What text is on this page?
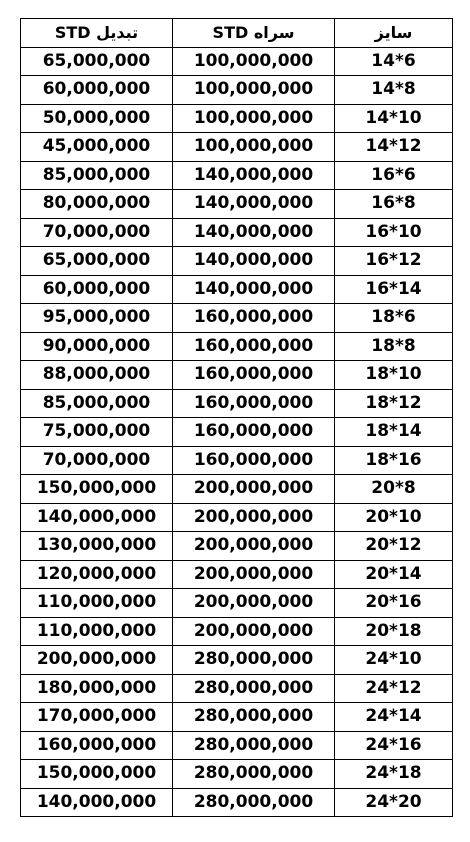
تبدیل STD	سراه STD	سایز
65,000,000	100,000,000	14*6
60,000,000	100,000,000	14*8
50,000,000	100,000,000	14*10
45,000,000	100,000,000	14*12
85,000,000	140,000,000	16*6
80,000,000	140,000,000	16*8
70,000,000	140,000,000	16*10
65,000,000	140,000,000	16*12
60,000,000	140,000,000	16*14
95,000,000	160,000,000	18*6
90,000,000	160,000,000	18*8
88,000,000	160,000,000	18*10
85,000,000	160,000,000	18*12
75,000,000	160,000,000	18*14
70,000,000	160,000,000	18*16
150,000,000	200,000,000	20*8
140,000,000	200,000,000	20*10
130,000,000	200,000,000	20*12
120,000,000	200,000,000	20*14
110,000,000	200,000,000	20*16
110,000,000	200,000,000	20*18
200,000,000	280,000,000	24*10
180,000,000	280,000,000	24*12
170,000,000	280,000,000	24*14
160,000,000	280,000,000	24*16
150,000,000	280,000,000	24*18
140,000,000	280,000,000	24*20
